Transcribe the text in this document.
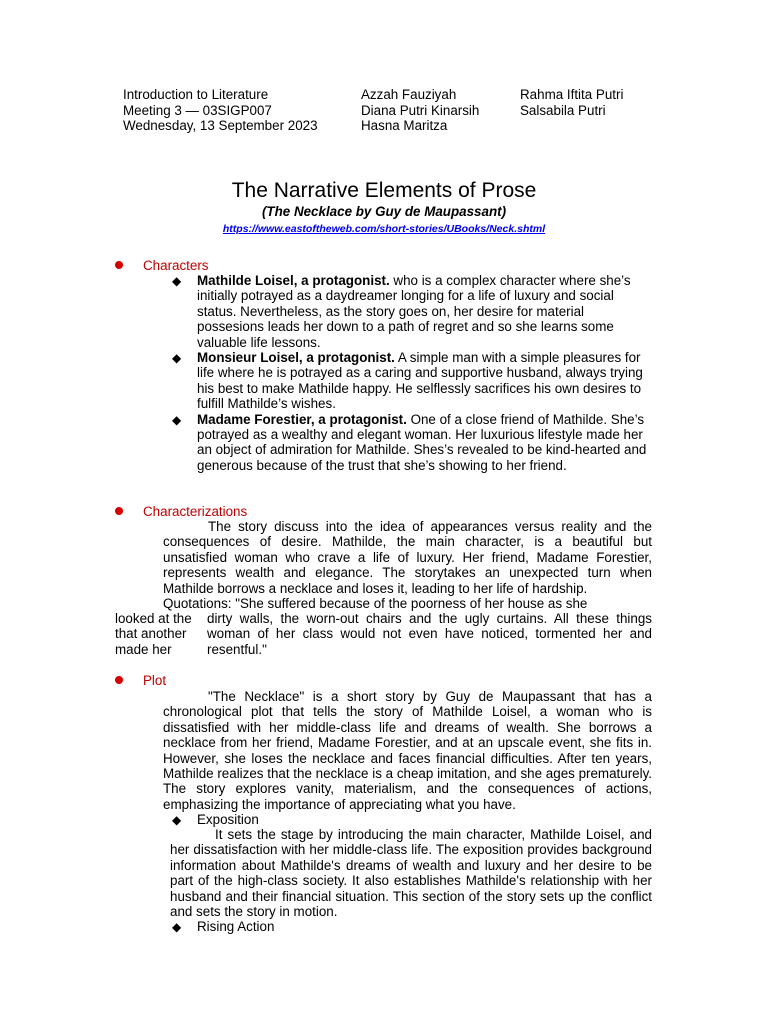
Introduction to Literature
Meeting 3 — 03SIGP007
Wednesday, 13 September 2023
Azzah Fauziyah
Diana Putri Kinarsih
Hasna Maritza
Rahma Iftita Putri
Salsabila Putri
The Narrative Elements of Prose
(The Necklace by Guy de Maupassant)
https://www.eastoftheweb.com/short-stories/UBooks/Neck.shtml
Characters
◆ Mathilde Loisel, a protagonist. who is a complex character where she’s initially potrayed as a daydreamer longing for a life of luxury and social status. Nevertheless, as the story goes on, her desire for material possesions leads her down to a path of regret and so she learns some valuable life lessons.
◆ Monsieur Loisel, a protagonist. A simple man with a simple pleasures for life where he is potrayed as a caring and supportive husband, always trying his best to make Mathilde happy. He selflessly sacrifices his own desires to fulfill Mathilde’s wishes.
◆ Madame Forestier, a protagonist. One of a close friend of Mathilde. She’s potrayed as a wealthy and elegant woman. Her luxurious lifestyle made her an object of admiration for Mathilde. Shes’s revealed to be kind-hearted and generous because of the trust that she’s showing to her friend.
Characterizations
The story discuss into the idea of appearances versus reality and the consequences of desire. Mathilde, the main character, is a beautiful but unsatisfied woman who crave a life of luxury. Her friend, Madame Forestier, represents wealth and elegance. The storytakes an unexpected turn when Mathilde borrows a necklace and loses it, leading to her life of hardship.
Quotations: "She suffered because of the poorness of her house as she
looked at the
that another
made her
dirty walls, the worn-out chairs and the ugly curtains. All these things woman of her class would not even have noticed, tormented her and resentful."
Plot
"The Necklace" is a short story by Guy de Maupassant that has a chronological plot that tells the story of Mathilde Loisel, a woman who is dissatisfied with her middle-class life and dreams of wealth. She borrows a necklace from her friend, Madame Forestier, and at an upscale event, she fits in. However, she loses the necklace and faces financial difficulties. After ten years, Mathilde realizes that the necklace is a cheap imitation, and she ages prematurely. The story explores vanity, materialism, and the consequences of actions, emphasizing the importance of appreciating what you have.
◆ Exposition
It sets the stage by introducing the main character, Mathilde Loisel, and her dissatisfaction with her middle-class life. The exposition provides background information about Mathilde's dreams of wealth and luxury and her desire to be part of the high-class society. It also establishes Mathilde's relationship with her husband and their financial situation. This section of the story sets up the conflict and sets the story in motion.
◆ Rising Action
